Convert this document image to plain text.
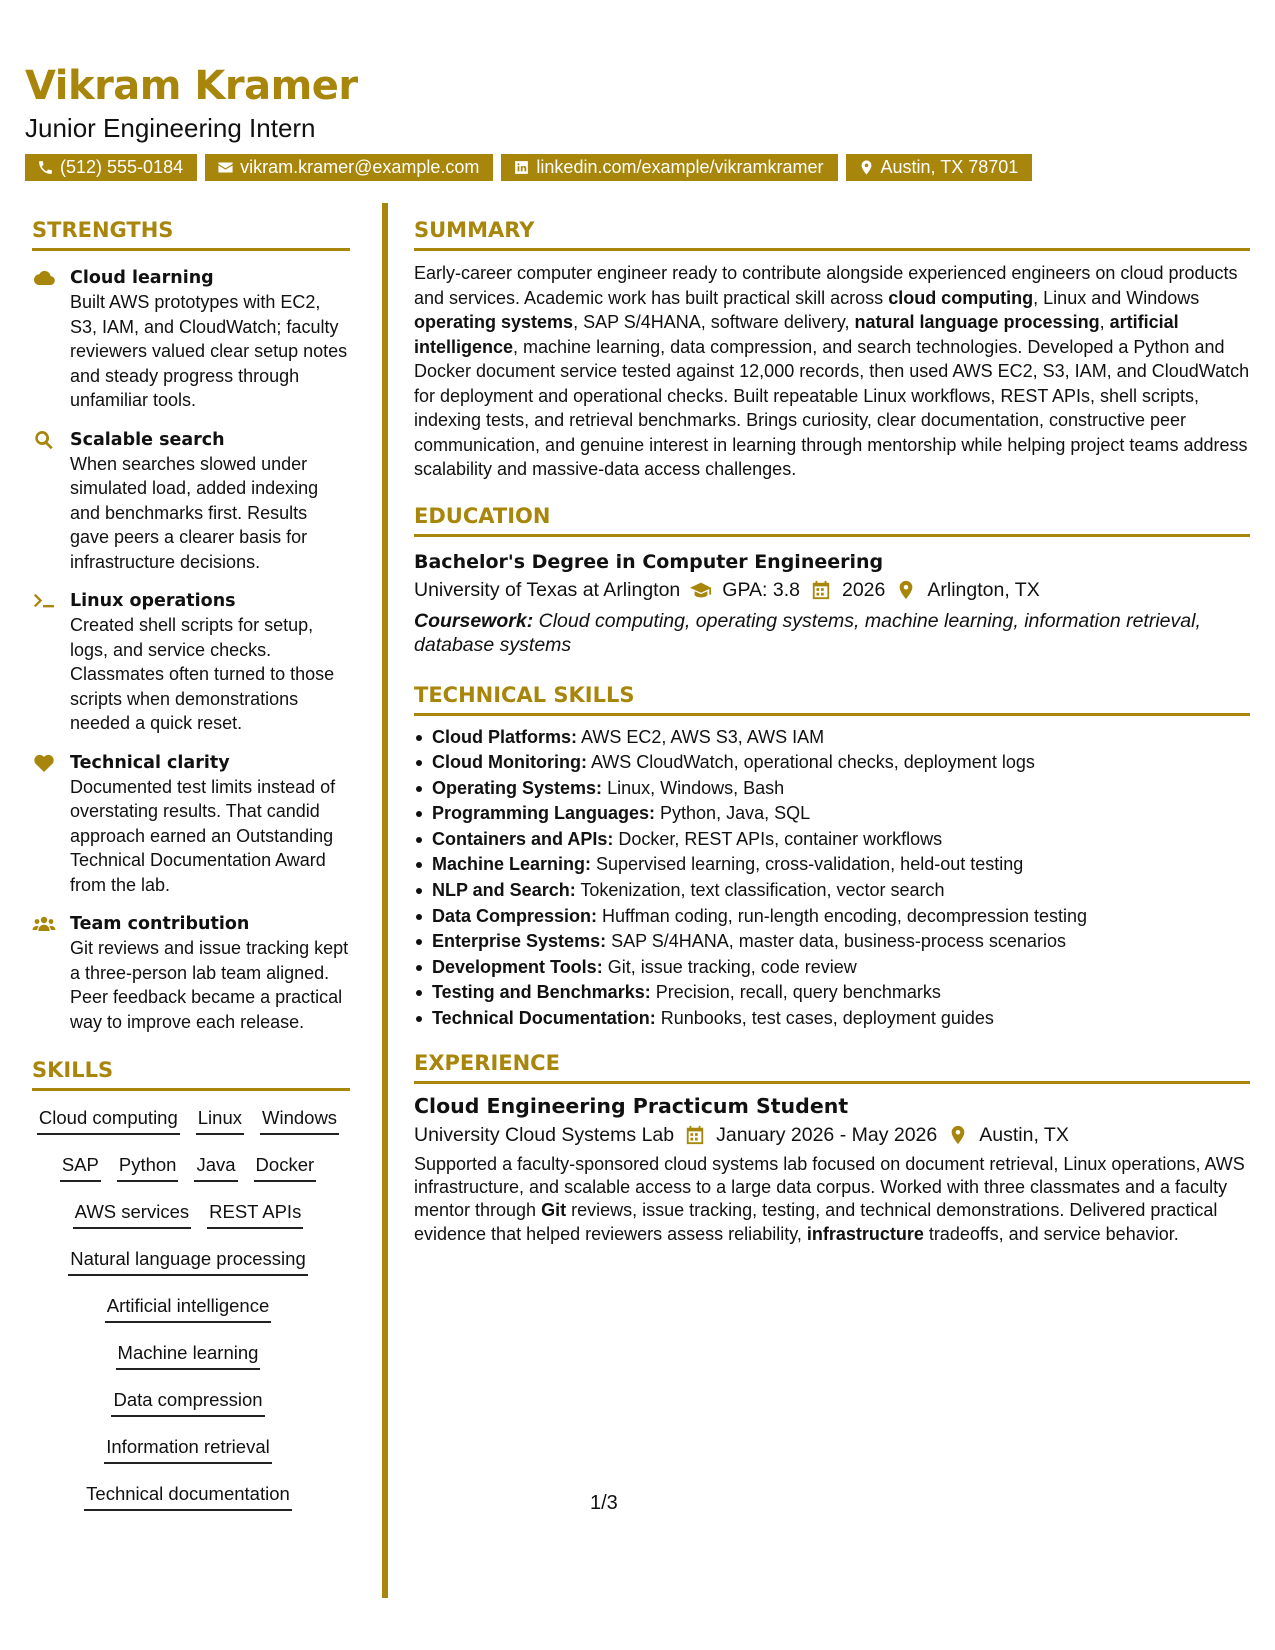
Vikram Kramer
Junior Engineering Intern
(512) 555-0184	vikram.kramer@example.com	linkedin.com/example/vikramkramer	Austin, TX 78701
STRENGTHS
Cloud learning
Built AWS prototypes with EC2, S3, IAM, and CloudWatch; faculty reviewers valued clear setup notes and steady progress through unfamiliar tools.
Scalable search
When searches slowed under simulated load, added indexing and benchmarks first. Results gave peers a clearer basis for infrastructure decisions.
Linux operations
Created shell scripts for setup, logs, and service checks. Classmates often turned to those scripts when demonstrations needed a quick reset.
Technical clarity
Documented test limits instead of overstating results. That candid approach earned an Outstanding Technical Documentation Award from the lab.
Team contribution
Git reviews and issue tracking kept a three-person lab team aligned. Peer feedback became a practical way to improve each release.
SKILLS
Cloud computing Linux Windows
SAP Python Java Docker
AWS services REST APIs
Natural language processing
Artificial intelligence
Machine learning
Data compression
Information retrieval
Technical documentation
SUMMARY

Early-career computer engineer ready to contribute alongside experienced engineers on cloud products and services. Academic work has built practical skill across cloud computing, Linux and Windows operating systems, SAP S/4HANA, software delivery, natural language processing, artificial intelligence, machine learning, data compression, and search technologies. Developed a Python and Docker document service tested against 12,000 records, then used AWS EC2, S3, IAM, and CloudWatch for deployment and operational checks. Built repeatable Linux workflows, REST APIs, shell scripts, indexing tests, and retrieval benchmarks. Brings curiosity, clear documentation, constructive peer communication, and genuine interest in learning through mentorship while helping project teams address scalability and massive-data access challenges.

EDUCATION
Bachelor's Degree in Computer Engineering
University of Texas at Arlington GPA: 3.8 2026 Arlington, TX
Coursework: Cloud computing, operating systems, machine learning, information retrieval, database systems
TECHNICAL SKILLS
Cloud Platforms: AWS EC2, AWS S3, AWS IAM
Cloud Monitoring: AWS CloudWatch, operational checks, deployment logs
Operating Systems: Linux, Windows, Bash
Programming Languages: Python, Java, SQL
Containers and APIs: Docker, REST APIs, container workflows
Machine Learning: Supervised learning, cross-validation, held-out testing
NLP and Search: Tokenization, text classification, vector search
Data Compression: Huffman coding, run-length encoding, decompression testing
Enterprise Systems: SAP S/4HANA, master data, business-process scenarios
Development Tools: Git, issue tracking, code review
Testing and Benchmarks: Precision, recall, query benchmarks
Technical Documentation: Runbooks, test cases, deployment guides
EXPERIENCE
Cloud Engineering Practicum Student
University Cloud Systems Lab January 2026 - May 2026 Austin, TX

Supported a faculty-sponsored cloud systems lab focused on document retrieval, Linux operations, AWS infrastructure, and scalable access to a large data corpus. Worked with three classmates and a faculty mentor through Git reviews, issue tracking, testing, and technical demonstrations. Delivered practical evidence that helped reviewers assess reliability, infrastructure tradeoffs, and service behavior.

1/3
